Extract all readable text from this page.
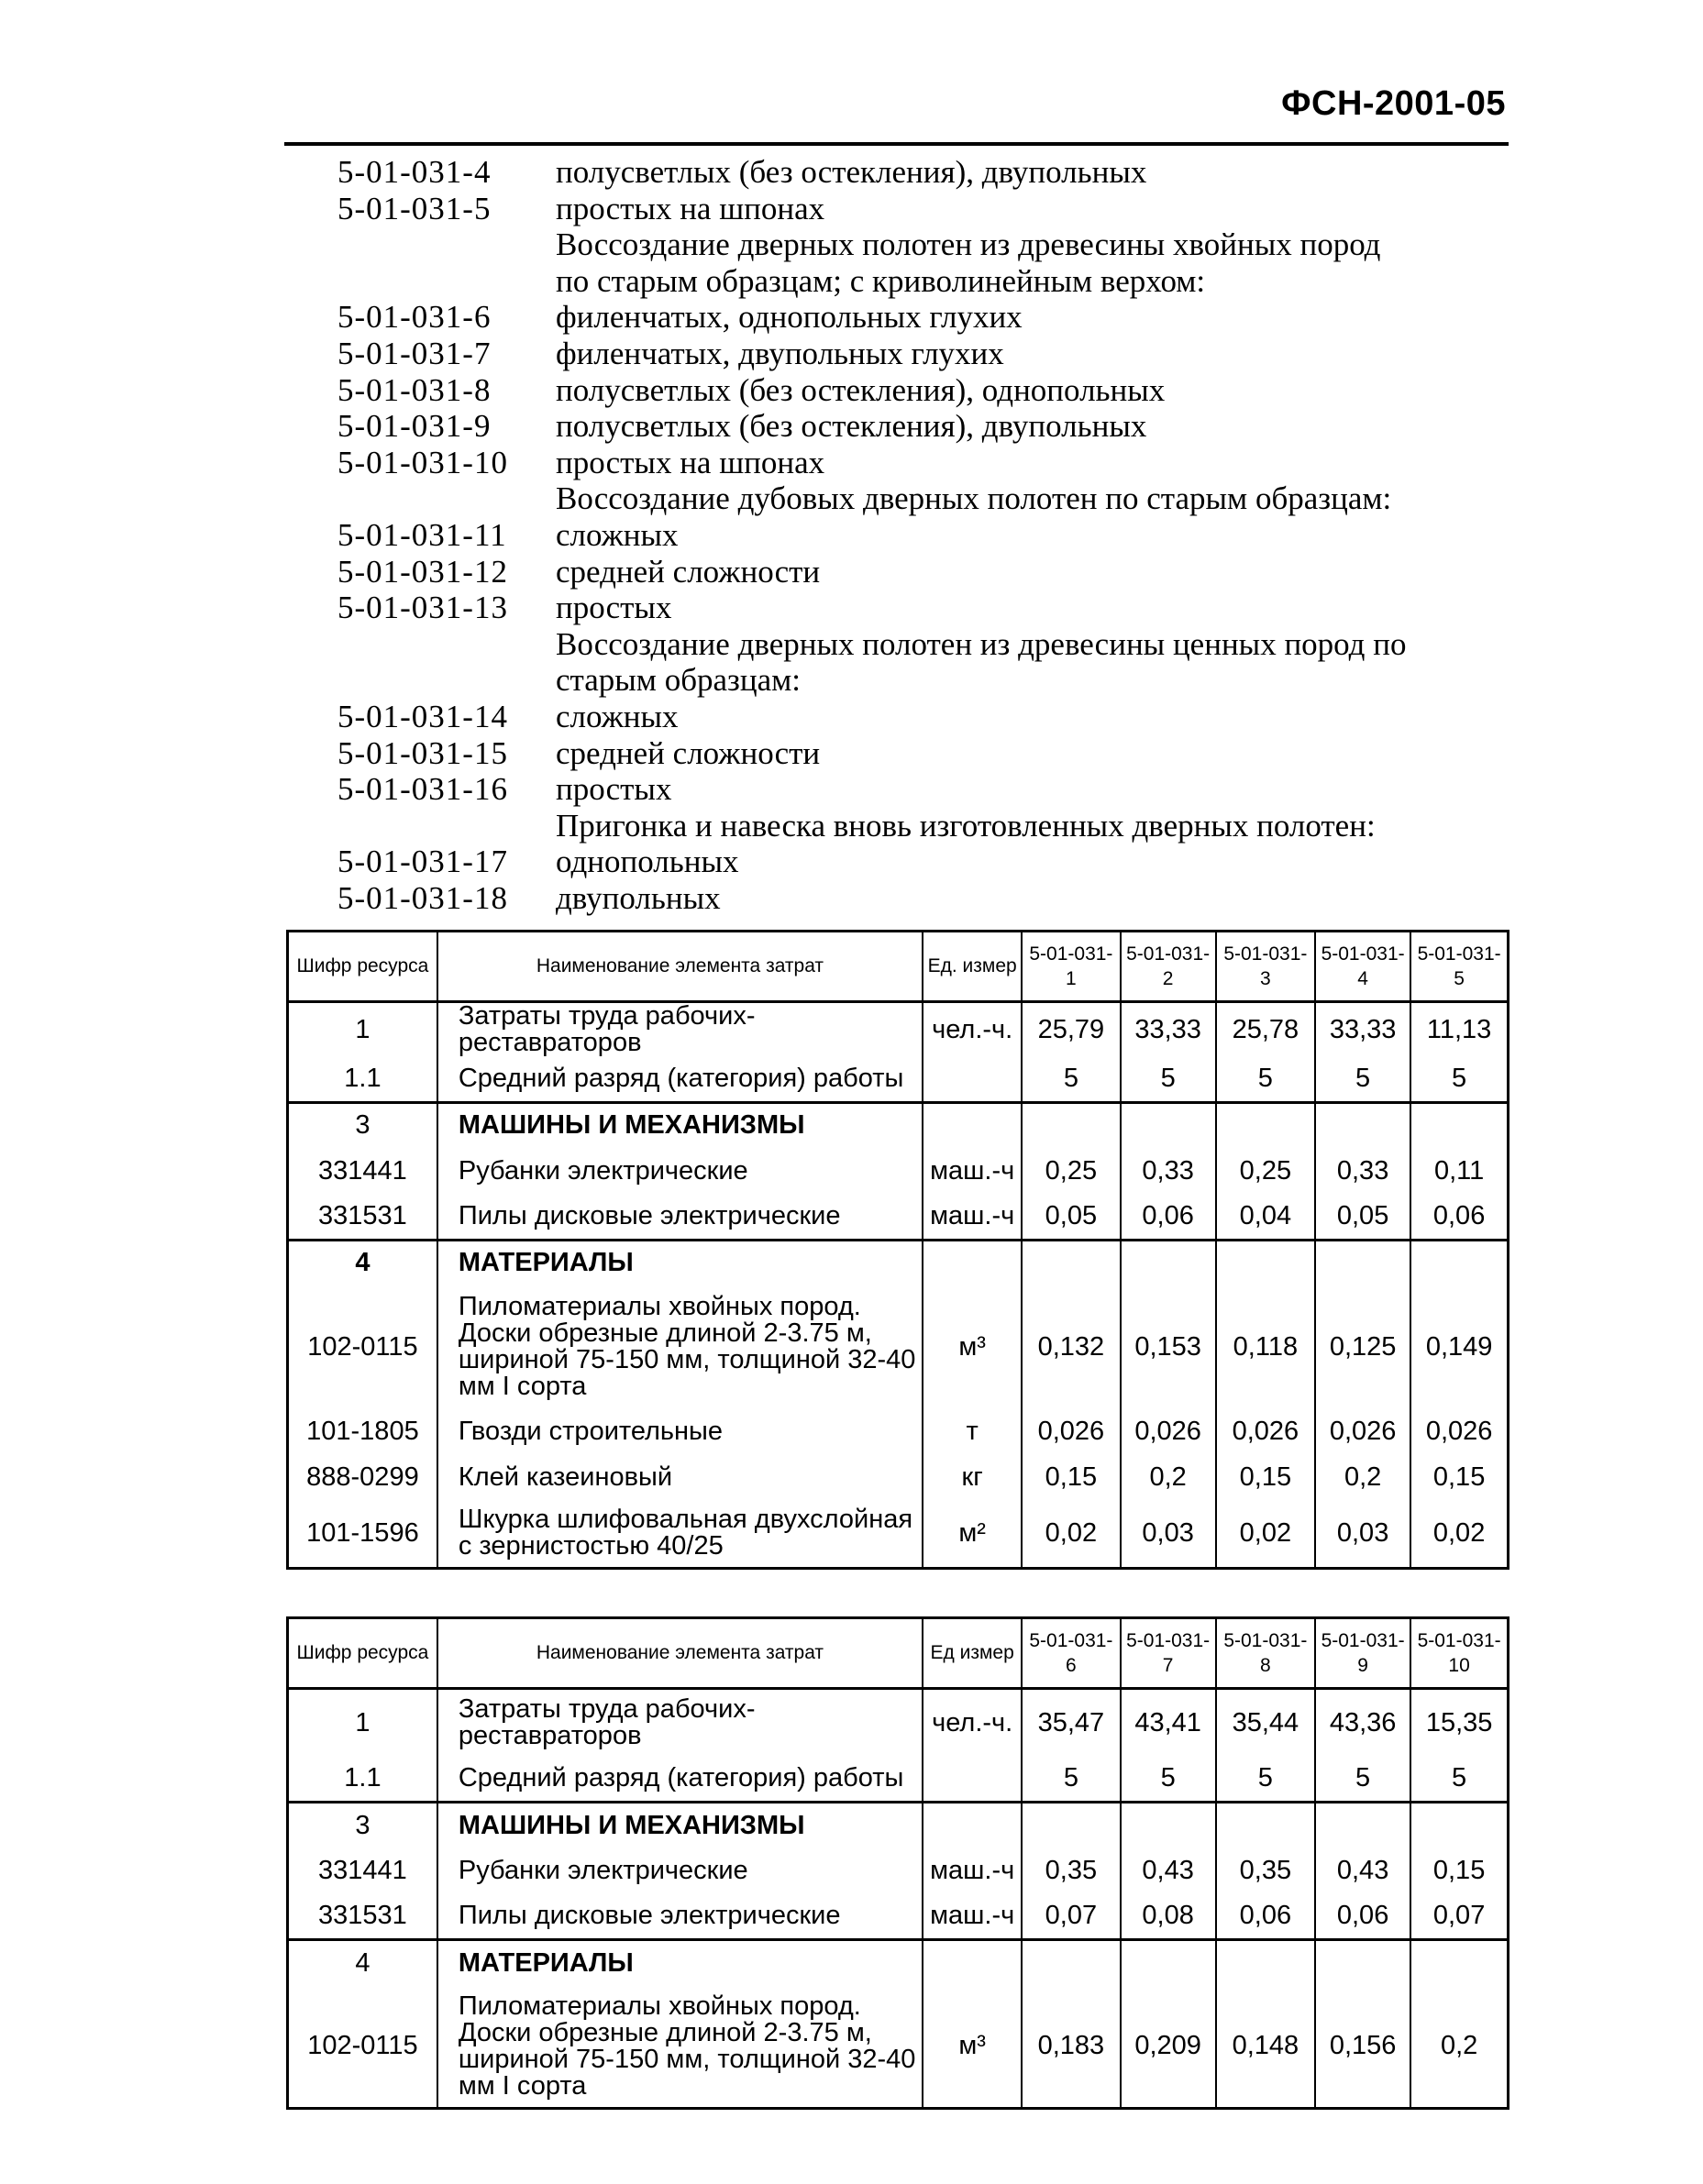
ФСН-2001-05
5-01-031-4	полусветлых (без остекления), двупольных
5-01-031-5	простых на шпонах
Воссоздание дверных полотен из древесины хвойных пород
по старым образцам; с криволинейным верхом:
5-01-031-6	филенчатых, однопольных глухих
5-01-031-7	филенчатых, двупольных глухих
5-01-031-8	полусветлых (без остекления), однопольных
5-01-031-9	полусветлых (без остекления), двупольных
5-01-031-10	простых на шпонах
Воссоздание дубовых дверных полотен по старым образцам:
5-01-031-11	сложных
5-01-031-12	средней сложности
5-01-031-13	простых
Воссоздание дверных полотен из древесины ценных пород по
старым образцам:
5-01-031-14	сложных
5-01-031-15	средней сложности
5-01-031-16	простых
Пригонка и навеска вновь изготовленных дверных полотен:
5-01-031-17	однопольных
5-01-031-18	двупольных
Шифр ресурса	Наименование элемента затрат	Ед. измер	5-01-031-1	5-01-031-2	5-01-031-3	5-01-031-4	5-01-031-5
1	Затраты труда рабочих-реставраторов	чел.-ч.	25,79	33,33	25,78	33,33	11,13
1.1	Средний разряд (категория) работы		5	5	5	5	5
3	МАШИНЫ И МЕХАНИЗМЫ						
331441	Рубанки электрические	маш.-ч	0,25	0,33	0,25	0,33	0,11
331531	Пилы дисковые электрические	маш.-ч	0,05	0,06	0,04	0,05	0,06
4	МАТЕРИАЛЫ						
102-0115	Пиломатериалы хвойных пород. Доски обрезные длиной 2-3.75 м, шириной 75-150 мм, толщиной 32-40 мм I сорта	м³	0,132	0,153	0,118	0,125	0,149
101-1805	Гвозди строительные	т	0,026	0,026	0,026	0,026	0,026
888-0299	Клей казеиновый	кг	0,15	0,2	0,15	0,2	0,15
101-1596	Шкурка шлифовальная двухслойная с зернистостью 40/25	м²	0,02	0,03	0,02	0,03	0,02
Шифр ресурса	Наименование элемента затрат	Ед измер	5-01-031-6	5-01-031-7	5-01-031-8	5-01-031-9	5-01-031-10
1	Затраты труда рабочих-реставраторов	чел.-ч.	35,47	43,41	35,44	43,36	15,35
1.1	Средний разряд (категория) работы		5	5	5	5	5
3	МАШИНЫ И МЕХАНИЗМЫ						
331441	Рубанки электрические	маш.-ч	0,35	0,43	0,35	0,43	0,15
331531	Пилы дисковые электрические	маш.-ч	0,07	0,08	0,06	0,06	0,07
4	МАТЕРИАЛЫ						
102-0115	Пиломатериалы хвойных пород. Доски обрезные длиной 2-3.75 м, шириной 75-150 мм, толщиной 32-40 мм I сорта	м³	0,183	0,209	0,148	0,156	0,2
